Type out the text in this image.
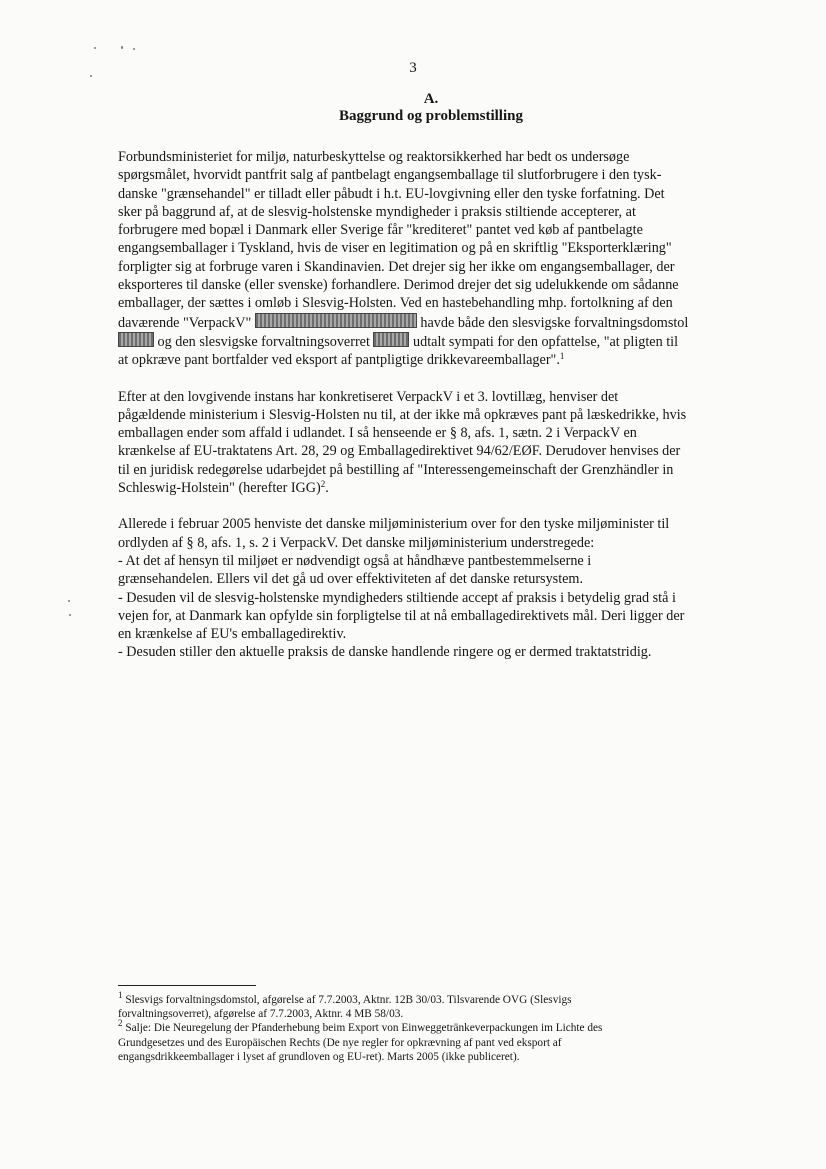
3
A.
Baggrund og problemstilling

Forbundsministeriet for miljø, naturbeskyttelse og reaktorsikkerhed har bedt os undersøge
spørgsmålet, hvorvidt pantfrit salg af pantbelagt engangsemballage til slutforbrugere i den tysk-
danske "grænsehandel" er tilladt eller påbudt i h.t. EU-lovgivning eller den tyske forfatning. Det
sker på baggrund af, at de slesvig-holstenske myndigheder i praksis stiltiende accepterer, at
forbrugere med bopæl i Danmark eller Sverige får "krediteret" pantet ved køb af pantbelagte
engangsemballager i Tyskland, hvis de viser en legitimation og på en skriftlig "Eksporterklæring"
forpligter sig at forbruge varen i Skandinavien. Det drejer sig her ikke om engangsemballager, der
eksporteres til danske (eller svenske) forhandlere. Derimod drejer det sig udelukkende om sådanne
emballager, der sættes i omløb i Slesvig-Holsten. Ved en hastebehandling mhp. fortolkning af den
daværende "VerpackV"	havde både den slesvigske forvaltningsdomstol
og den slesvigske forvaltningsoverret	udtalt sympati for den opfattelse, "at pligten til
at opkræve pant bortfalder ved eksport af pantpligtige drikkevareemballager".$^1$

Efter at den lovgivende instans har konkretiseret VerpackV i et 3. lovtillæg, henviser det
pågældende ministerium i Slesvig-Holsten nu til, at der ikke må opkræves pant på læskedrikke, hvis
emballagen ender som affald i udlandet. I så henseende er § 8, afs. 1, sætn. 2 i VerpackV en
krænkelse af EU-traktatens Art. 28, 29 og Emballagedirektivet 94/62/EØF. Derudover henvises der
til en juridisk redegørelse udarbejdet på bestilling af "Interessengemeinschaft der Grenzhändler in
Schleswig-Holstein" (herefter IGG)$^2$.

Allerede i februar 2005 henviste det danske miljøministerium over for den tyske miljøminister til
ordlyden af § 8, afs. 1, s. 2 i VerpackV. Det danske miljøministerium understregede:
- At det af hensyn til miljøet er nødvendigt også at håndhæve pantbestemmelserne i
grænsehandelen. Ellers vil det gå ud over effektiviteten af det danske retursystem.
- Desuden vil de slesvig-holstenske myndigheders stiltiende accept af praksis i betydelig grad stå i
vejen for, at Danmark kan opfylde sin forpligtelse til at nå emballagedirektivets mål. Deri ligger der
en krænkelse af EU's emballagedirektiv.
- Desuden stiller den aktuelle praksis de danske handlende ringere og er dermed traktatstridig.

$^1$ Slesvigs forvaltningsdomstol, afgørelse af 7.7.2003, Aktnr. 12B 30/03. Tilsvarende OVG (Slesvigs
forvaltningsoverret), afgørelse af 7.7.2003, Aktnr. 4 MB 58/03.
$^2$ Salje: Die Neuregelung der Pfanderhebung beim Export von Einweggetränkeverpackungen im Lichte des
Grundgesetzes und des Europäischen Rechts (De nye regler for opkrævning af pant ved eksport af
engangsdrikkeemballager i lyset af grundloven og EU-ret). Marts 2005 (ikke publiceret).
